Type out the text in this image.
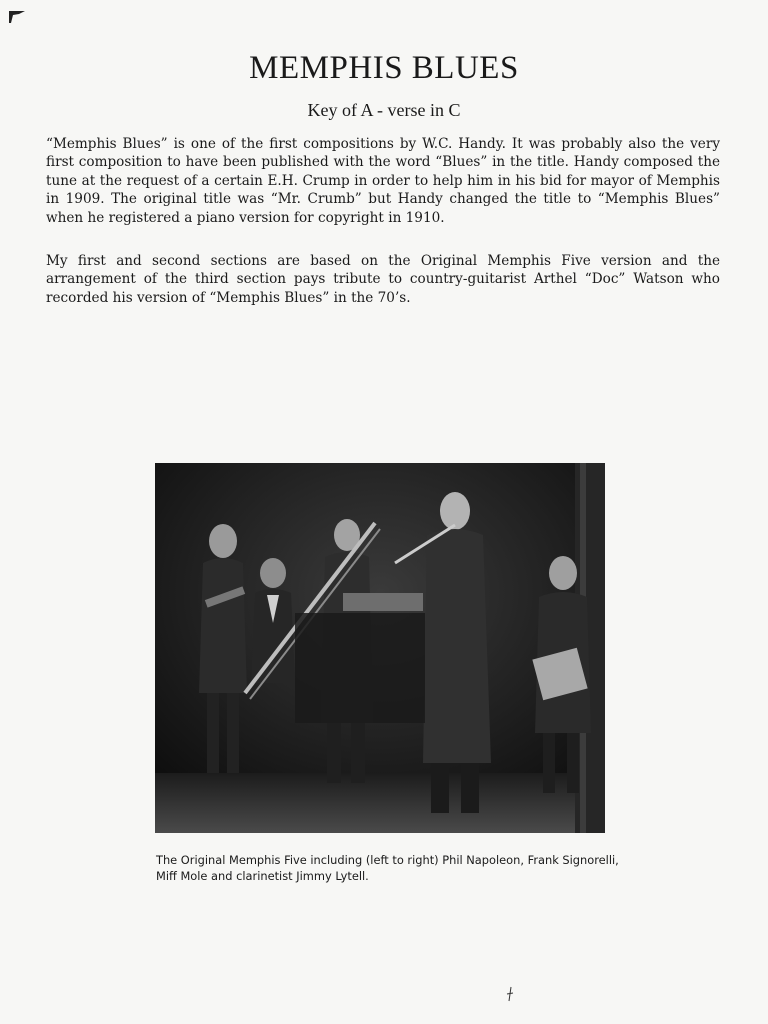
MEMPHIS BLUES
Key of A - verse in C

“Memphis Blues” is one of the first compositions by W.C. Handy. It was probably also the very first composition to have been published with the word “Blues” in the title. Handy composed the tune at the request of a certain E.H. Crump in order to help him in his bid for mayor of Memphis in 1909. The original title was “Mr. Crumb” but Handy changed the title to “Memphis Blues” when he registered a piano version for copyright in 1910.

My first and second sections are based on the Original Memphis Five version and the arrangement of the third section pays tribute to country-guitarist Arthel “Doc” Watson who recorded his version of “Memphis Blues” in the 70’s.

The Original Memphis Five including (left to right) Phil Napoleon, Frank Signorelli, Miff Mole and clarinetist Jimmy Lytell.
